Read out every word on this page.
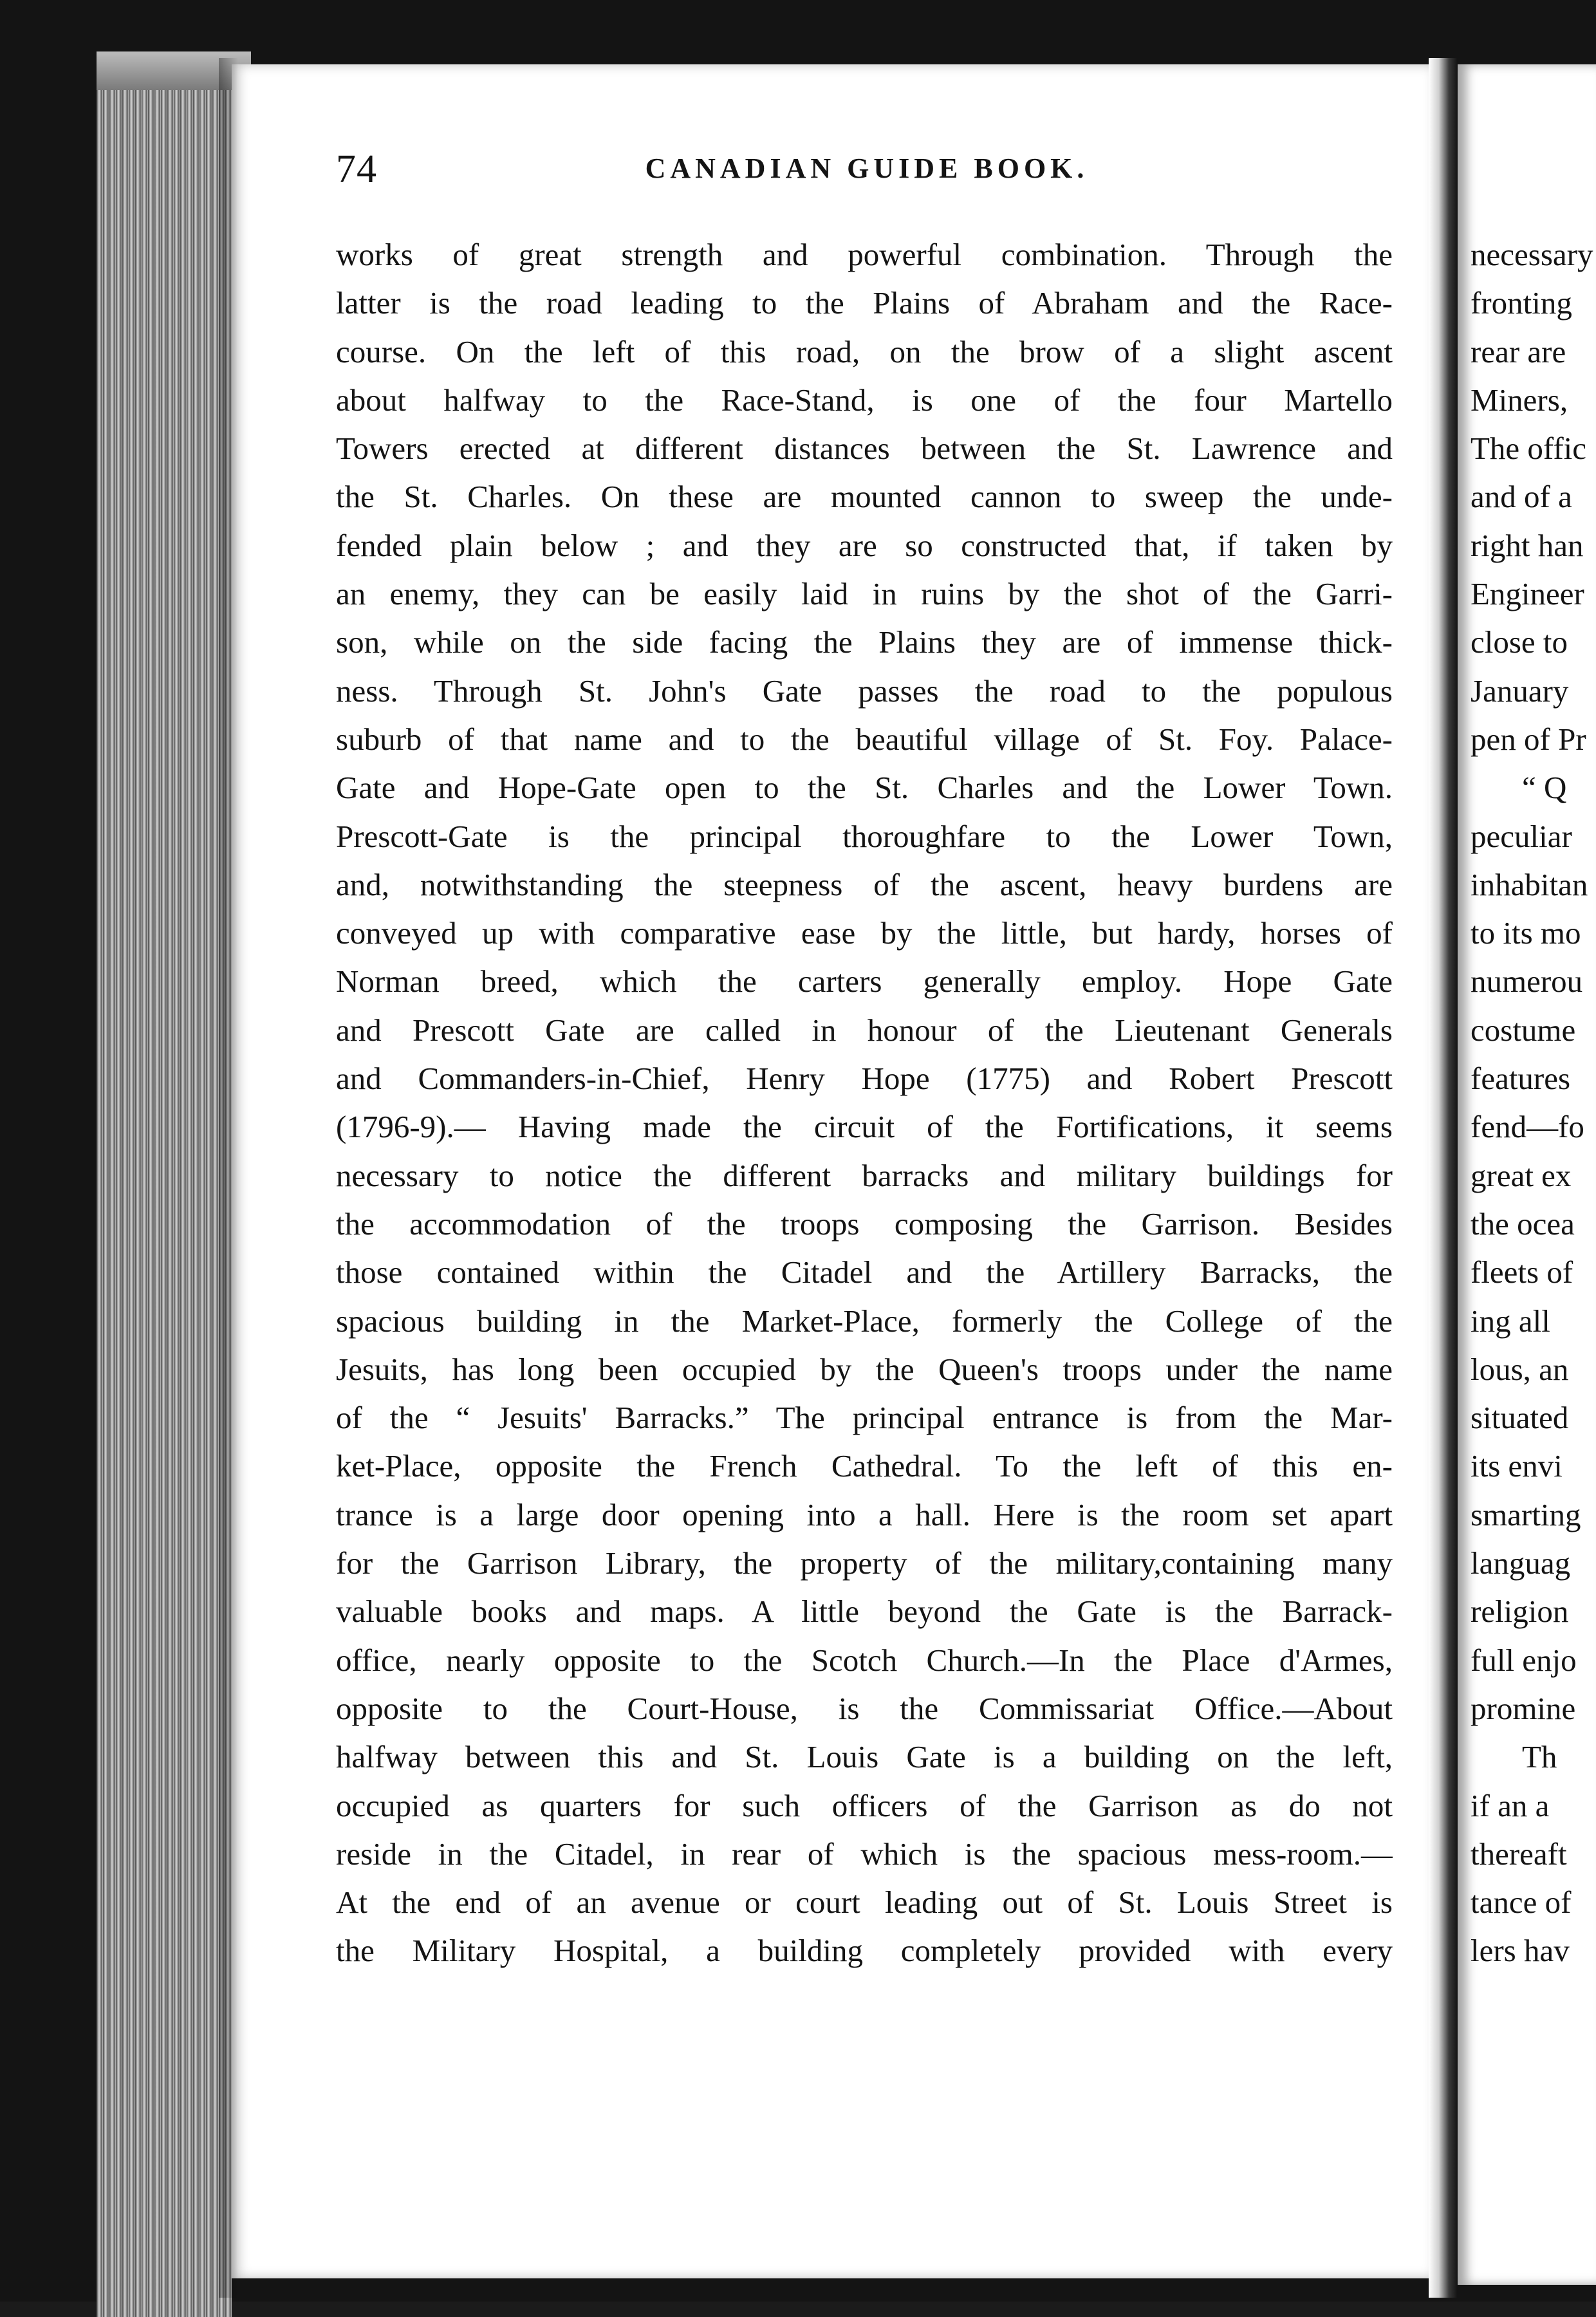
74	CANADIAN GUIDE BOOK.
works of great strength and powerful combination. Through the
latter is the road leading to the Plains of Abraham and the Race-
course. On the left of this road, on the brow of a slight ascent
about halfway to the Race-Stand, is one of the four Martello
Towers erected at different distances between the St. Lawrence and
the St. Charles. On these are mounted cannon to sweep the unde-
fended plain below ; and they are so constructed that, if taken by
an enemy, they can be easily laid in ruins by the shot of the Garri-
son, while on the side facing the Plains they are of immense thick-
ness. Through St. John's Gate passes the road to the populous
suburb of that name and to the beautiful village of St. Foy. Palace-
Gate and Hope-Gate open to the St. Charles and the Lower Town.
Prescott-Gate is the principal thoroughfare to the Lower Town,
and, notwithstanding the steepness of the ascent, heavy burdens are
conveyed up with comparative ease by the little, but hardy, horses of
Norman breed, which the carters generally employ. Hope Gate
and Prescott Gate are called in honour of the Lieutenant Generals
and Commanders-in-Chief, Henry Hope (1775) and Robert Prescott
(1796-9).— Having made the circuit of the Fortifications, it seems
necessary to notice the different barracks and military buildings for
the accommodation of the troops composing the Garrison. Besides
those contained within the Citadel and the Artillery Barracks, the
spacious building in the Market-Place, formerly the College of the
Jesuits, has long been occupied by the Queen's troops under the name
of the “ Jesuits' Barracks.” The principal entrance is from the Mar-
ket-Place, opposite the French Cathedral. To the left of this en-
trance is a large door opening into a hall. Here is the room set apart
for the Garrison Library, the property of the military,containing many
valuable books and maps. A little beyond the Gate is the Barrack-
office, nearly opposite to the Scotch Church.—In the Place d'Armes,
opposite to the Court-House, is the Commissariat Office.—About
halfway between this and St. Louis Gate is a building on the left,
occupied as quarters for such officers of the Garrison as do not
reside in the Citadel, in rear of which is the spacious mess-room.—
At the end of an avenue or court leading out of St. Louis Street is
the Military Hospital, a building completely provided with every
necessary
fronting
rear are
Miners,
The offic
and of a
right han
Engineer
close to
January
pen of Pr
“ Q
peculiar
inhabitan
to its mo
numerou
costume
features
fend—fo
great ex
the ocea
fleets of
ing all
lous, an
situated
its envi
smarting
languag
religion
full enjo
promine
Th
if an a
thereaft
tance of
lers hav
